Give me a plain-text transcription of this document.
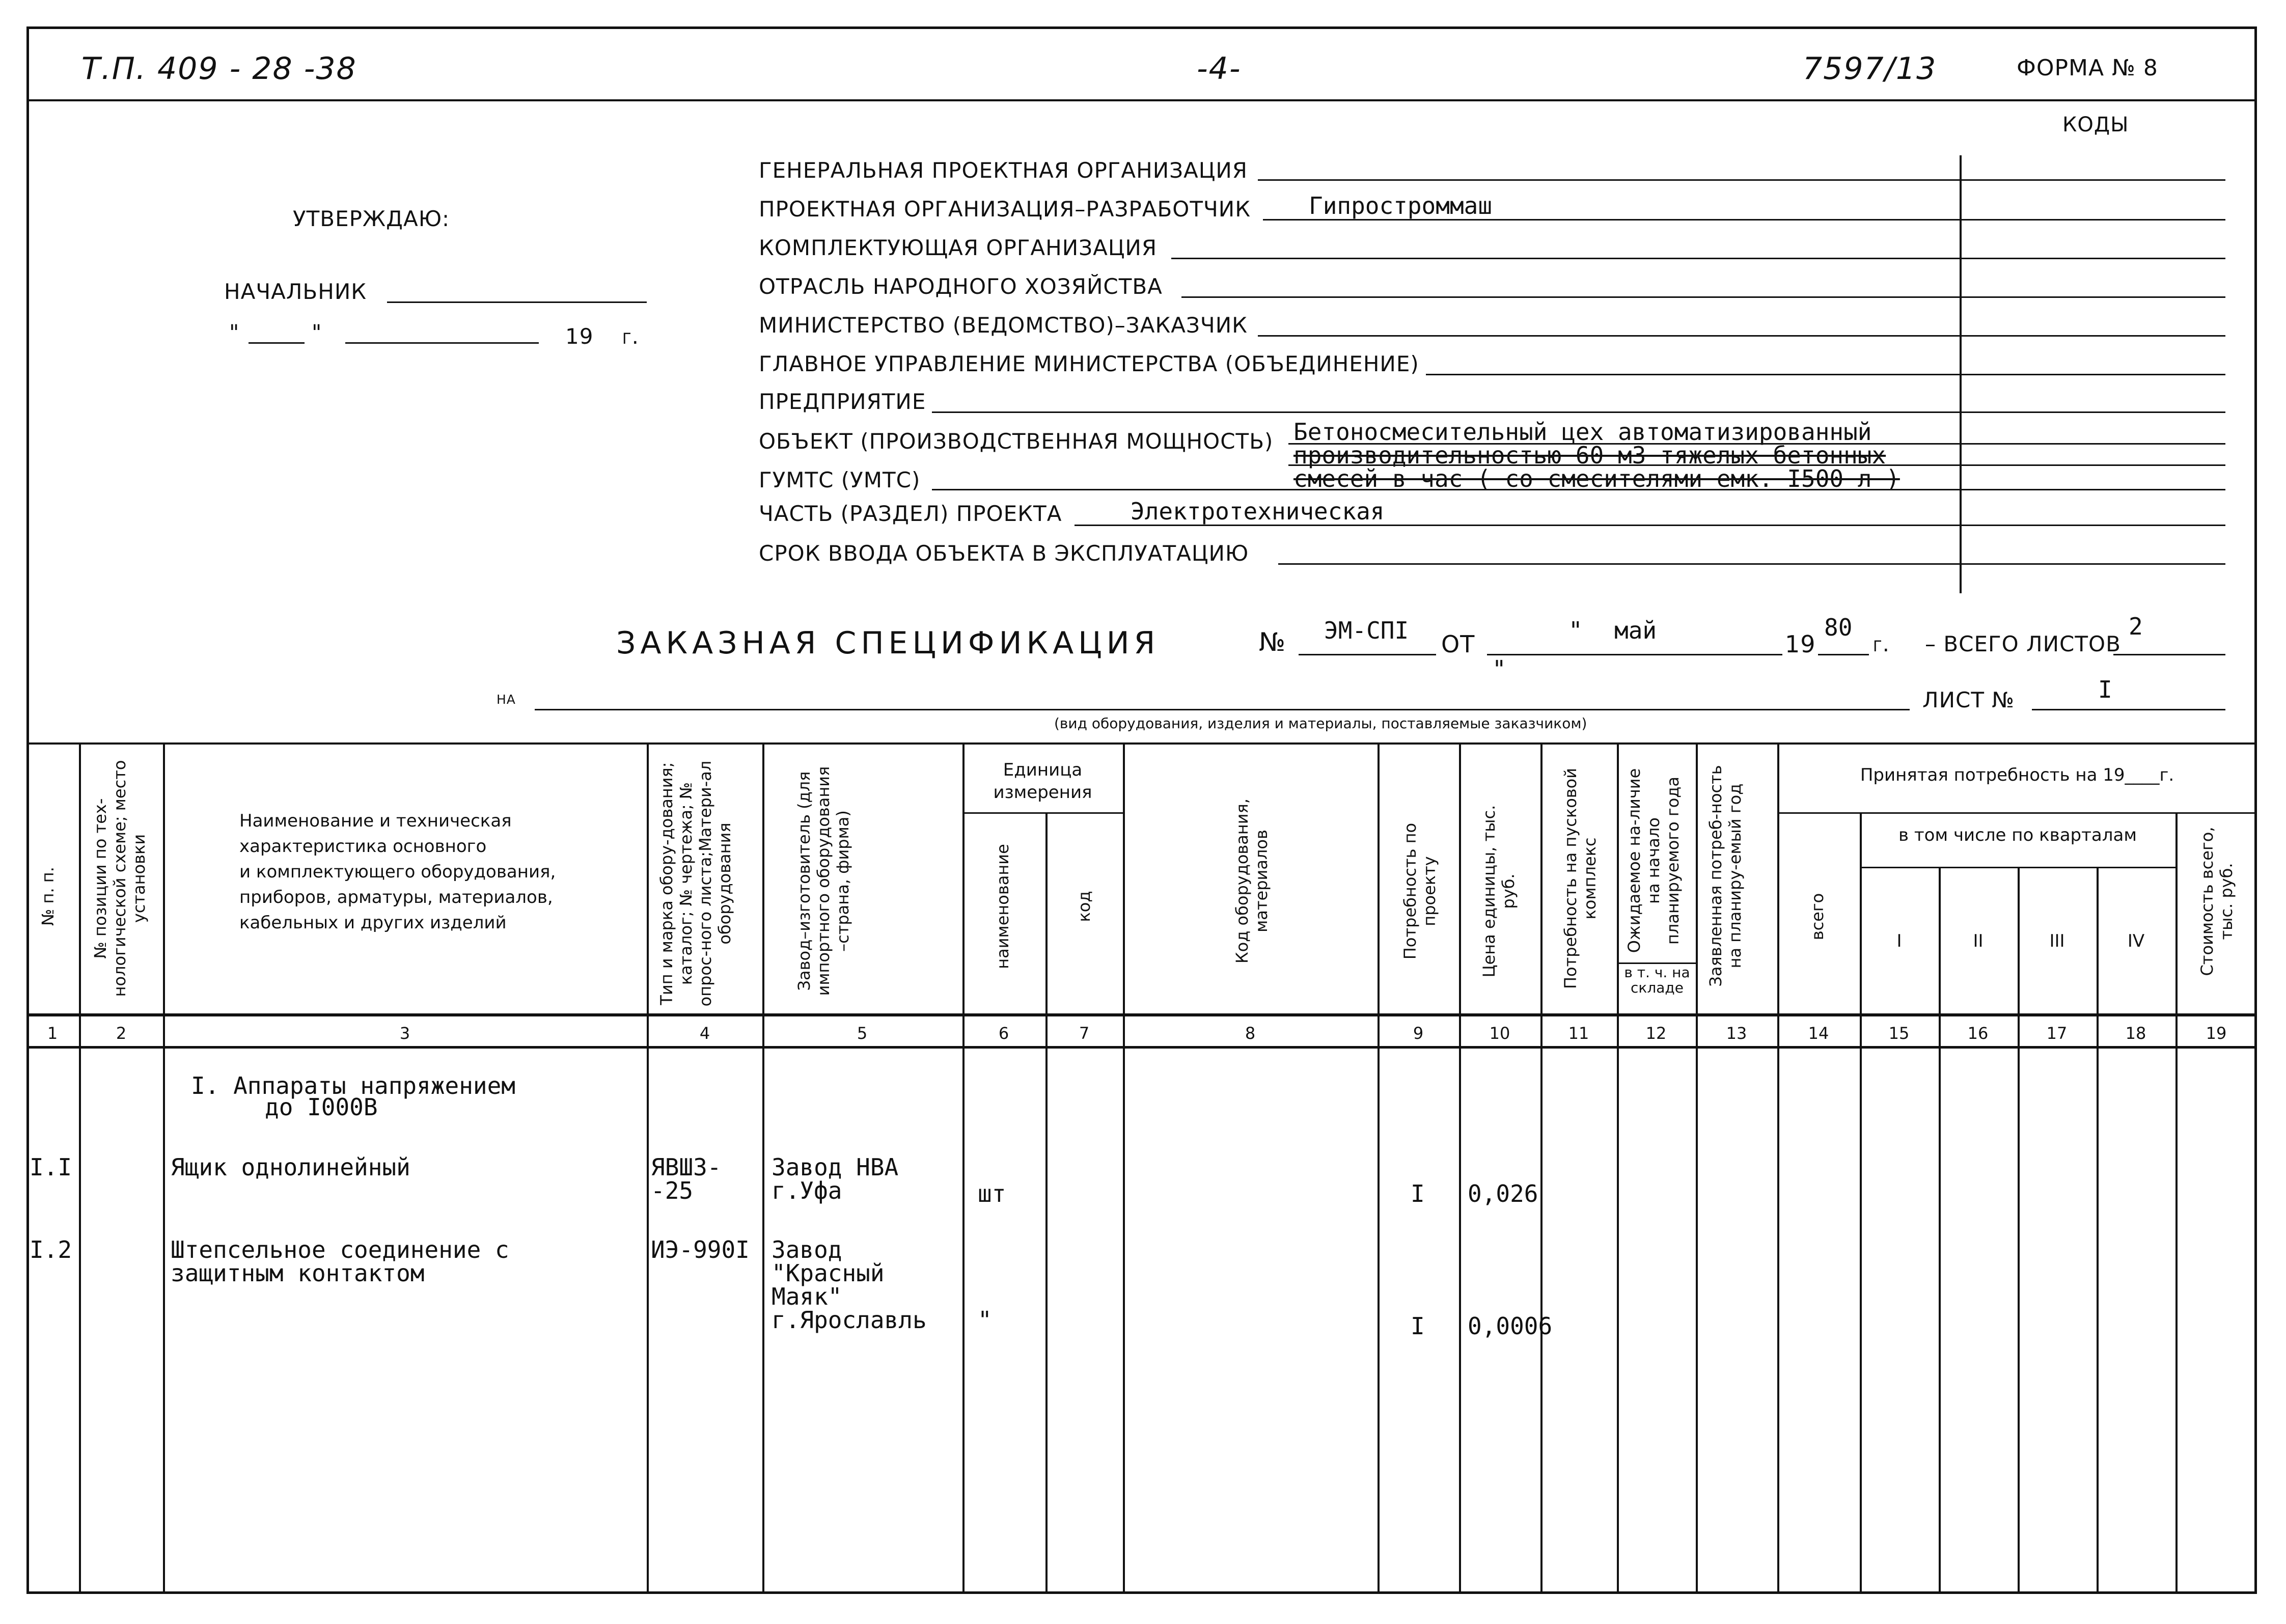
Т.П. 409 - 28 -38	-4-	7597/13	ФОРМА № 8
КОДЫ
УТВЕРЖДАЮ:
НАЧАЛЬНИК
"	"	19 г.
ГЕНЕРАЛЬНАЯ ПРОЕКТНАЯ ОРГАНИЗАЦИЯ
ПРОЕКТНАЯ ОРГАНИЗАЦИЯ–РАЗРАБОТЧИК Гипростроммаш
КОМПЛЕКТУЮЩАЯ ОРГАНИЗАЦИЯ
ОТРАСЛЬ НАРОДНОГО ХОЗЯЙСТВА
МИНИСТЕРСТВО (ВЕДОМСТВО)–ЗАКАЗЧИК
ГЛАВНОЕ УПРАВЛЕНИЕ МИНИСТЕРСТВА (ОБЪЕДИНЕНИЕ)
ПРЕДПРИЯТИЕ
ОБЪЕКТ (ПРОИЗВОДСТВЕННАЯ МОЩНОСТЬ) Бетоносмесительный цех автоматизированный
производительностью 60 м3 тяжелых бетонных
смесей в час ( со смесителями емк. I500 л )
ГУМТС (УМТС)
ЧАСТЬ (РАЗДЕЛ) ПРОЕКТА	Электротехническая
СРОК ВВОДА ОБЪЕКТА В ЭКСПЛУАТАЦИЮ
ЗАКАЗНАЯ СПЕЦИФИКАЦИЯ	№ ЭМ-СПI ОТ	"
"
май	19
80
г. – ВСЕГО ЛИСТОВ
2
на	ЛИСТ №	I
(вид оборудования, изделия и материалы, поставляемые заказчиком)
№ п. п. № позиции по тех-нологической схеме; место установки
Наименование и техническая
характеристика основного
и комплектующего оборудования,
приборов, арматуры, материалов,
кабельных и других изделий	Тип и марка обору-дования; каталог; № чертежа; № опрос-ного листа;Матери-ал оборудования	Завод–изготовитель (для импортного оборудования –страна, фирма)
Единица измерения
наименование	код	Код оборудования, материалов	Потребность по проекту Цена единицы, тыс. руб.	Потребность на пусковой комплекс Ожидаемое на-личие на начало планируемого года
в т. ч. на складе
Заявленная потреб-ность на планиру-емый год
Принятая потребность на 19____г.
всего
в том числе по кварталам
I	II	III	IV	Стоимость всего, тыс. руб.
1	2	3	4	5	6	7	8	9	10	11	12	13	14	15	16	17	18	19
I. Аппараты напряжением
до I000В
I.I	Ящик однолинейный	ЯВШЗ-
-25
Завод НВА
г.Уфа	шт	I 0,026
I.2	Штепсельное соединение с
защитным контактом
ИЭ-990I Завод
"Красный
Маяк"
г.Ярославль "	I 0,0006
